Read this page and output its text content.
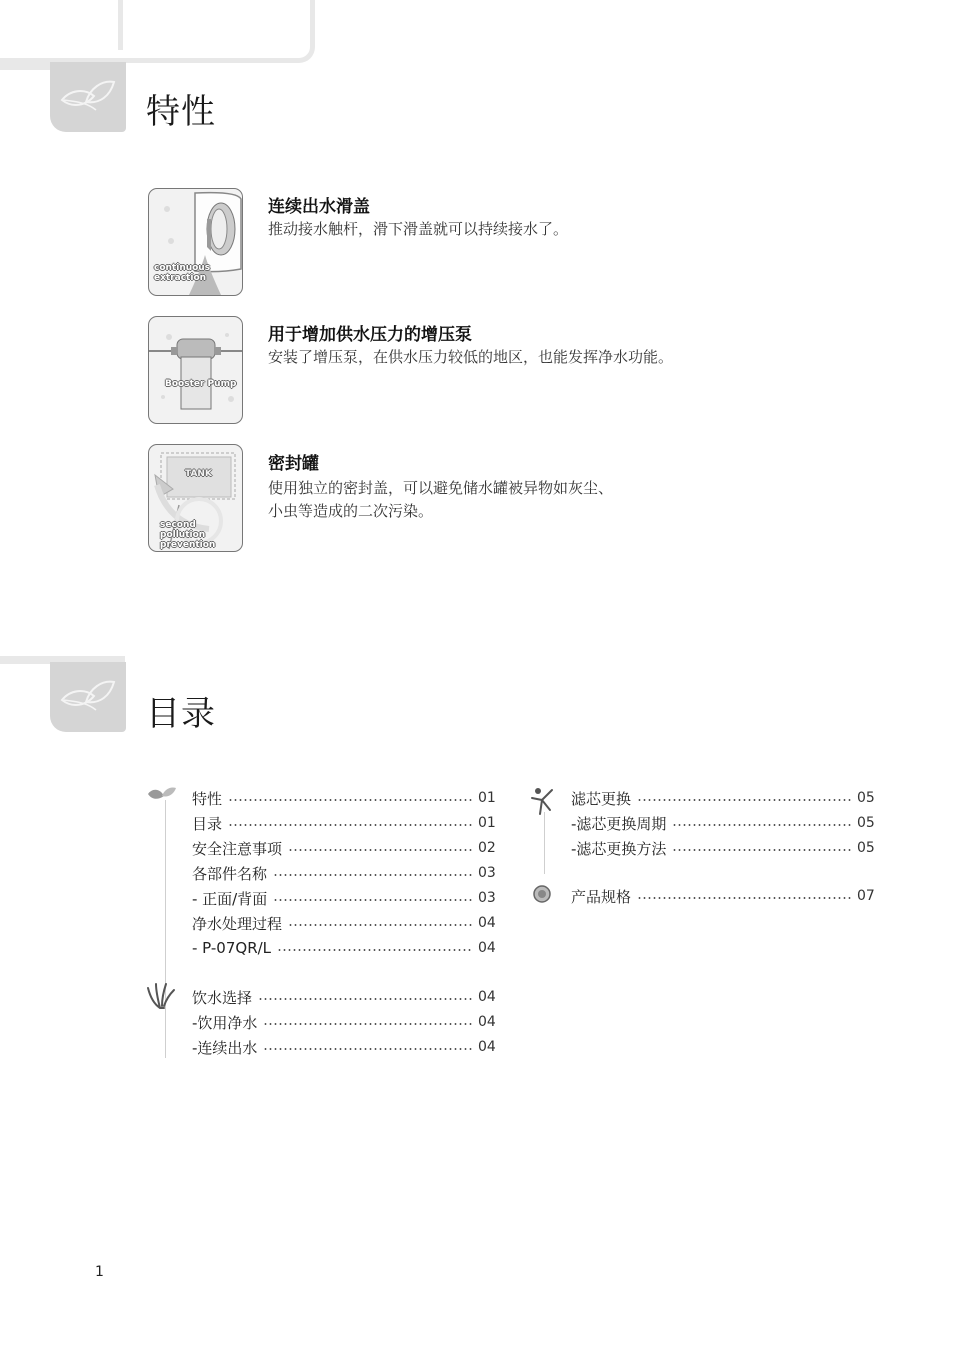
特性
continuous
extraction
连续出水滑盖
推动接水触杆，滑下滑盖就可以持续接水了。
Booster Pump
用于增加供水压力的增压泵
安装了增压泵，在供水压力较低的地区，也能发挥净水功能。
TANK
second pollution
prevention
密封罐
使用独立的密封盖，可以避免储水罐被异物如灰尘、
小虫等造成的二次污染。
目录
特性	01
目录	01
安全注意事项	02
各部件名称	03
- 正面/背面	03
净水处理过程	04
- P-07QR/L	04
饮水选择	04
-饮用净水	04
-连续出水	04
滤芯更换	05
-滤芯更换周期	05
-滤芯更换方法	05
产品规格	07
1
